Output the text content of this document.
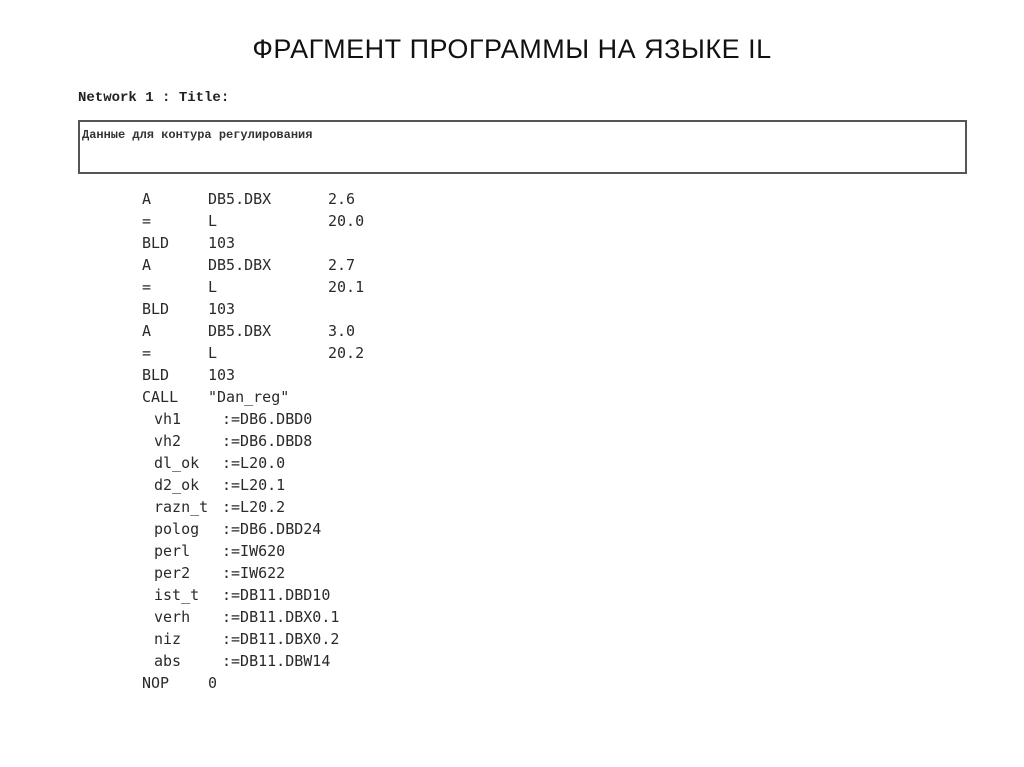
ФРАГМЕНТ ПРОГРАММЫ НА ЯЗЫКЕ IL
Network 1 : Title:
Данные для контура регулирования
A	DB5.DBX	2.6
=	L	20.0
BLD	103
A	DB5.DBX	2.7
=	L	20.1
BLD	103
A	DB5.DBX	3.0
=	L	20.2
BLD	103
CALL "Dan_reg"
vh1	:=DB6.DBD0
vh2	:=DB6.DBD8
dl_ok :=L20.0
d2_ok :=L20.1
razn_t :=L20.2
polog :=DB6.DBD24
perl :=IW620
per2 :=IW622
ist_t :=DB11.DBD10
verh :=DB11.DBX0.1
niz	:=DB11.DBX0.2
abs	:=DB11.DBW14
NOP	0
